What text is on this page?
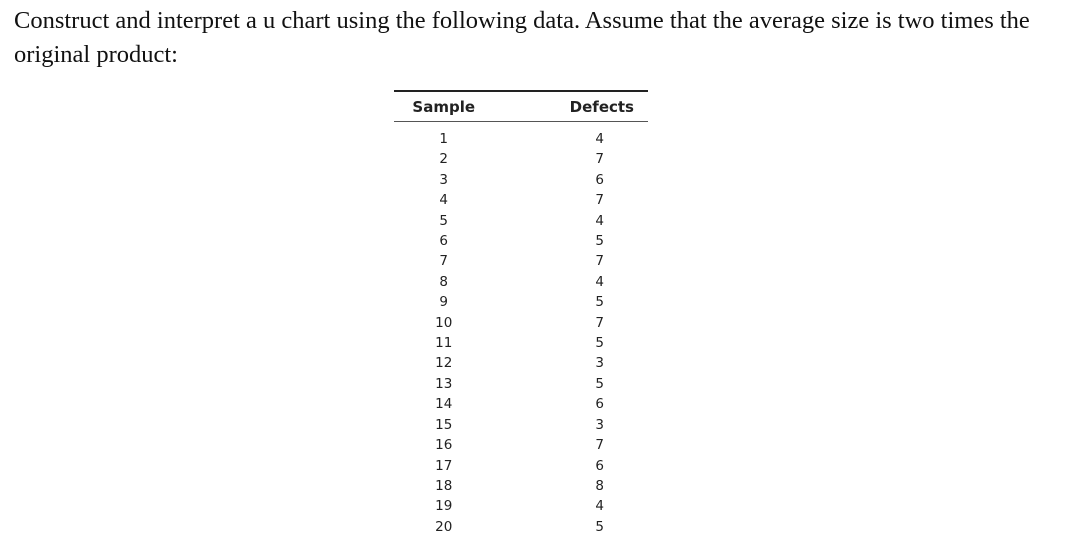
Construct and interpret a u chart using the following data. Assume that the average size is two times the original product:

Sample	Defects
1	4
2	7
3	6
4	7
5	4
6	5
7	7
8	4
9	5
10	7
11	5
12	3
13	5
14	6
15	3
16	7
17	6
18	8
19	4
20	5
